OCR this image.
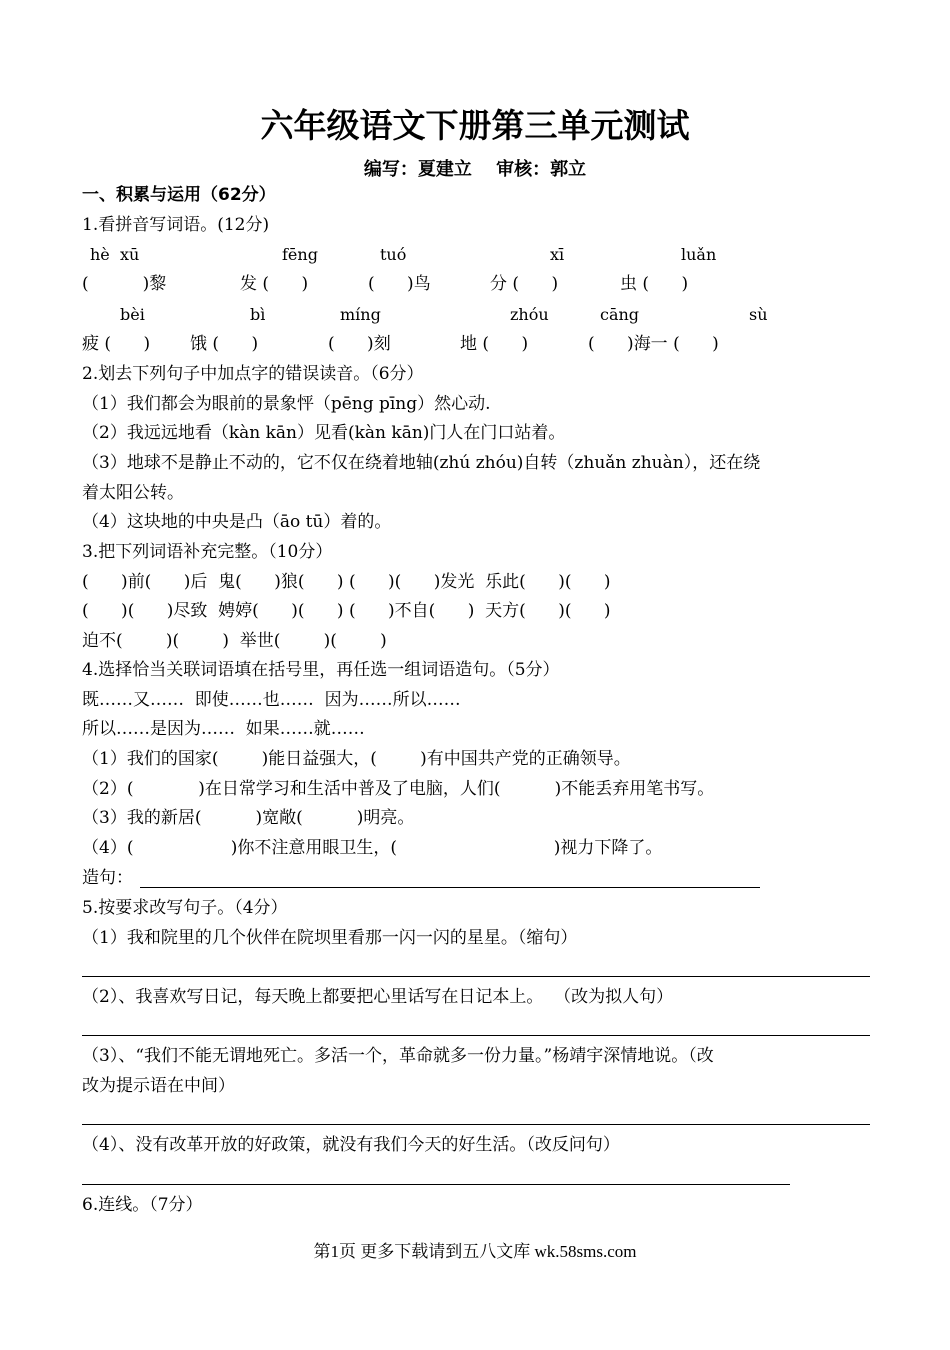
六年级语文下册第三单元测试
编写：夏建立　 审核：郭立
一、积累与运用（62分）
1.看拼音写词语。(12分)
hè  xū	fēng	tuó	xī	luǎn
(          )黎	发 (      )	(      )鸟	分 (      )	虫 (      )
bèi	bì	míng	zhóu	cāng	sù
疲 (      ) 饿 (      )	(      )刻	地 (      )	(      )海一 (      )
2.划去下列句子中加点字的错误读音。（6分）
（1）我们都会为眼前的景象怦（pēng pīng）然心动.
（2）我远远地看（kàn kān）见看(kàn kān)门人在门口站着。
（3）地球不是静止不动的，它不仅在绕着地轴(zhú zhóu)自转（zhuǎn zhuàn），还在绕
着太阳公转。
（4）这块地的中央是凸（āo tū）着的。
3.把下列词语补充完整。（10分）
(      )前(      )后  鬼(      )狼(      ) (      )(      )发光  乐此(      )(      )
(      )(      )尽致  娉婷(      )(      ) (      )不自(      )  天方(      )(      )
迫不(        )(        )  举世(        )(        )
4.选择恰当关联词语填在括号里，再任选一组词语造句。（5分）
既……又……  即使……也……  因为……所以……
所以……是因为……  如果……就……
（1）我们的国家(        )能日益强大，(        )有中国共产党的正确领导。
（2）(            )在日常学习和生活中普及了电脑，人们(          )不能丢弃用笔书写。
（3）我的新居(          )宽敞(          )明亮。
（4）(                  )你不注意用眼卫生，(                             )视力下降了。
造句：
5.按要求改写句子。（4分）
（1）我和院里的几个伙伴在院坝里看那一闪一闪的星星。（缩句）
（2）、我喜欢写日记，每天晚上都要把心里话写在日记本上。  （改为拟人句）
（3）、“我们不能无谓地死亡。多活一个，革命就多一份力量。”杨靖宇深情地说。（改
改为提示语在中间）
（4）、没有改革开放的好政策，就没有我们今天的好生活。（改反问句）
6.连线。（7分）
第1页 更多下载请到五八文库 wk.58sms.com
